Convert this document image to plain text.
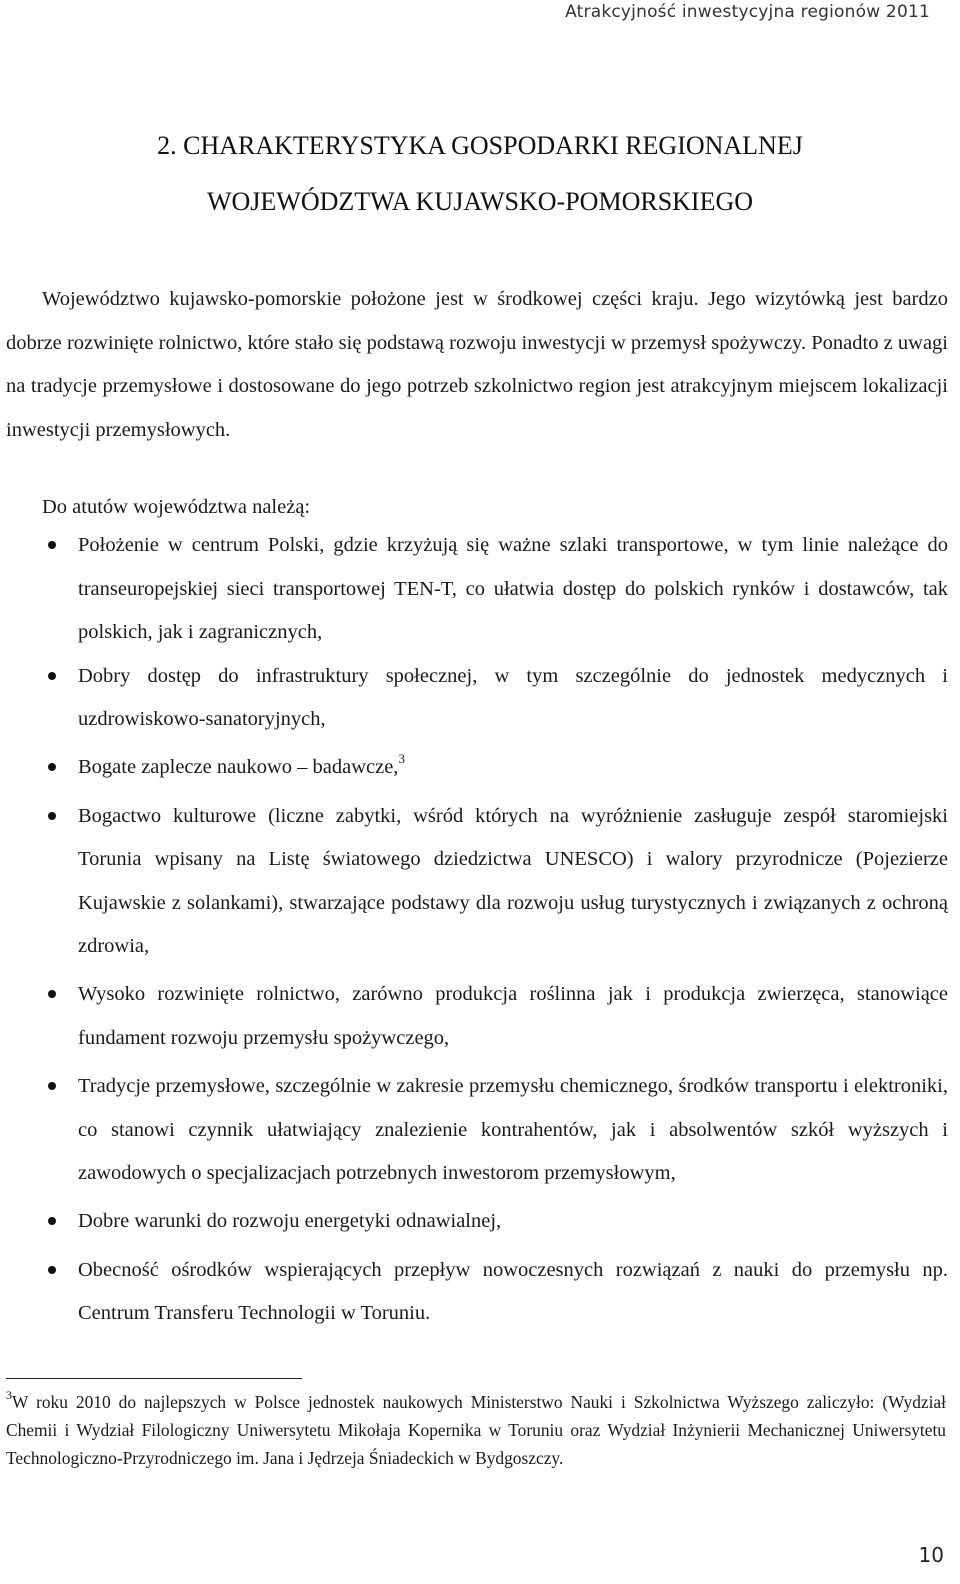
Atrakcyjność inwestycyjna regionów 2011
2. CHARAKTERYSTYKA GOSPODARKI REGIONALNEJ
WOJEWÓDZTWA KUJAWSKO-POMORSKIEGO

Województwo kujawsko-pomorskie położone jest w środkowej części kraju. Jego wizytówką jest bardzo dobrze rozwinięte rolnictwo, które stało się podstawą rozwoju inwestycji w przemysł spożywczy. Ponadto z uwagi na tradycje przemysłowe i dostosowane do jego potrzeb szkolnictwo region jest atrakcyjnym miejscem lokalizacji inwestycji przemysłowych.

Do atutów województwa należą:

Położenie w centrum Polski, gdzie krzyżują się ważne szlaki transportowe, w tym linie należące do transeuropejskiej sieci transportowej TEN-T, co ułatwia dostęp do polskich rynków i dostawców, tak polskich, jak i zagranicznych,
Dobry dostęp do infrastruktury społecznej, w tym szczególnie do jednostek medycznych i uzdrowiskowo-sanatoryjnych,
Bogate zaplecze naukowo – badawcze,$^3$
Bogactwo kulturowe (liczne zabytki, wśród których na wyróżnienie zasługuje zespół staromiejski Torunia wpisany na Listę światowego dziedzictwa UNESCO) i walory przyrodnicze (Pojezierze Kujawskie z solankami), stwarzające podstawy dla rozwoju usług turystycznych i związanych z ochroną zdrowia,
Wysoko rozwinięte rolnictwo, zarówno produkcja roślinna jak i produkcja zwierzęca, stanowiące fundament rozwoju przemysłu spożywczego,
Tradycje przemysłowe, szczególnie w zakresie przemysłu chemicznego, środków transportu i elektroniki, co stanowi czynnik ułatwiający znalezienie kontrahentów, jak i absolwentów szkół wyższych i zawodowych o specjalizacjach potrzebnych inwestorom przemysłowym,
Dobre warunki do rozwoju energetyki odnawialnej,
Obecność ośrodków wspierających przepływ nowoczesnych rozwiązań z nauki do przemysłu np. Centrum Transferu Technologii w Toruniu.

$^3$W roku 2010 do najlepszych w Polsce jednostek naukowych Ministerstwo Nauki i Szkolnictwa Wyższego zaliczyło: (Wydział Chemii i Wydział Filologiczny Uniwersytetu Mikołaja Kopernika w Toruniu oraz Wydział Inżynierii Mechanicznej Uniwersytetu Technologiczno-Przyrodniczego im. Jana i Jędrzeja Śniadeckich w Bydgoszczy.

10
